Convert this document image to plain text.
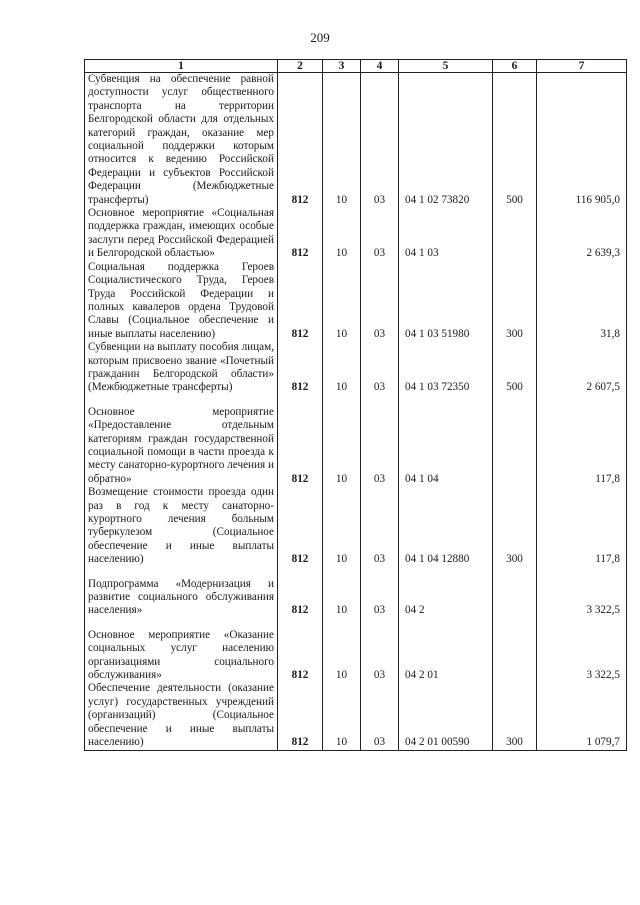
209
1	2	3	4	5	6	7
Субвенция на обеспечение равной доступности услуг общественного транспорта на территории Белгородской области для отдельных категорий граждан, оказание мер социальной поддержки которым относится к ведению Российской Федерации и субъектов Российской Федерации (Межбюджетные трансферты)	812	10	03	04 1 02 73820	500	116 905,0
Основное мероприятие «Социальная поддержка граждан, имеющих особые заслуги перед Российской Федерацией и Белгородской областью»	812	10	03	04 1 03		2 639,3
Социальная поддержка Героев Социалистического Труда, Героев Труда Российской Федерации и полных кавалеров ордена Трудовой Славы (Социальное обеспечение и иные выплаты населению)	812	10	03	04 1 03 51980	300	31,8
Субвенции на выплату пособия лицам, которым присвоено звание «Почетный гражданин Белгородской области» (Межбюджетные трансферты)	812	10	03	04 1 03 72350	500	2 607,5

Основное мероприятие «Предоставление отдельным категориям граждан государственной социальной помощи в части проезда к месту санаторно-курортного лечения и обратно»	812	10	03	04 1 04		117,8
Возмещение стоимости проезда один раз в год к месту санаторно-курортного лечения больным туберкулезом (Социальное обеспечение и иные выплаты населению)	812	10	03	04 1 04 12880	300	117,8

Подпрограмма «Модернизация и развитие социального обслуживания населения»	812	10	03	04 2		3 322,5

Основное мероприятие «Оказание социальных услуг населению организациями социального обслуживания»	812	10	03	04 2 01		3 322,5
Обеспечение деятельности (оказание услуг) государственных учреждений (организаций) (Социальное обеспечение и иные выплаты населению)	812	10	03	04 2 01 00590	300	1 079,7
